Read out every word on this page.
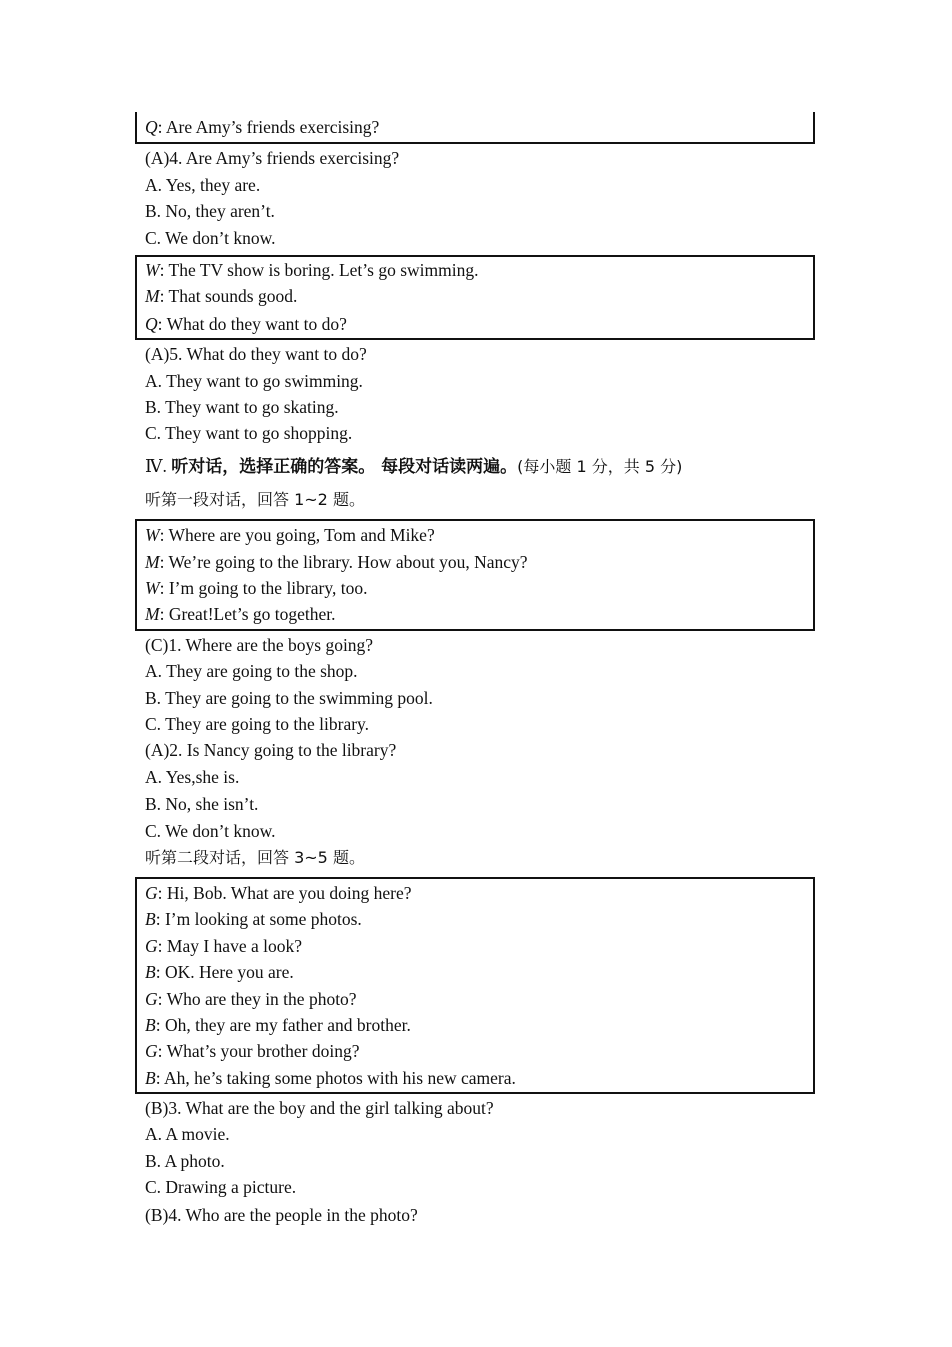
Q: Are Amy’s friends exercising?
(A)4. Are Amy’s friends exercising?
A. Yes, they are.
B. No, they aren’t.
C. We don’t know.
W: The TV show is boring. Let’s go swimming.
M: That sounds good.
Q: What do they want to do?
(A)5. What do they want to do?
A. They want to go swimming.
B. They want to go skating.
C. They want to go shopping.
Ⅳ. 听对话，选择正确的答案。 每段对话读两遍。(每小题 1 分，共 5 分)
听第一段对话，回答 1~2 题。
W: Where are you going, Tom and Mike?
M: We’re going to the library. How about you, Nancy?
W: I’m going to the library, too.
M: Great!Let’s go together.
(C)1. Where are the boys going?
A. They are going to the shop.
B. They are going to the swimming pool.
C. They are going to the library.
(A)2. Is Nancy going to the library?
A. Yes,she is.
B. No, she isn’t.
C. We don’t know.
听第二段对话，回答 3~5 题。
G: Hi, Bob. What are you doing here?
B: I’m looking at some photos.
G: May I have a look?
B: OK. Here you are.
G: Who are they in the photo?
B: Oh, they are my father and brother.
G: What’s your brother doing?
B: Ah, he’s taking some photos with his new camera.
(B)3. What are the boy and the girl talking about?
A. A movie.
B. A photo.
C. Drawing a picture.
(B)4. Who are the people in the photo?
